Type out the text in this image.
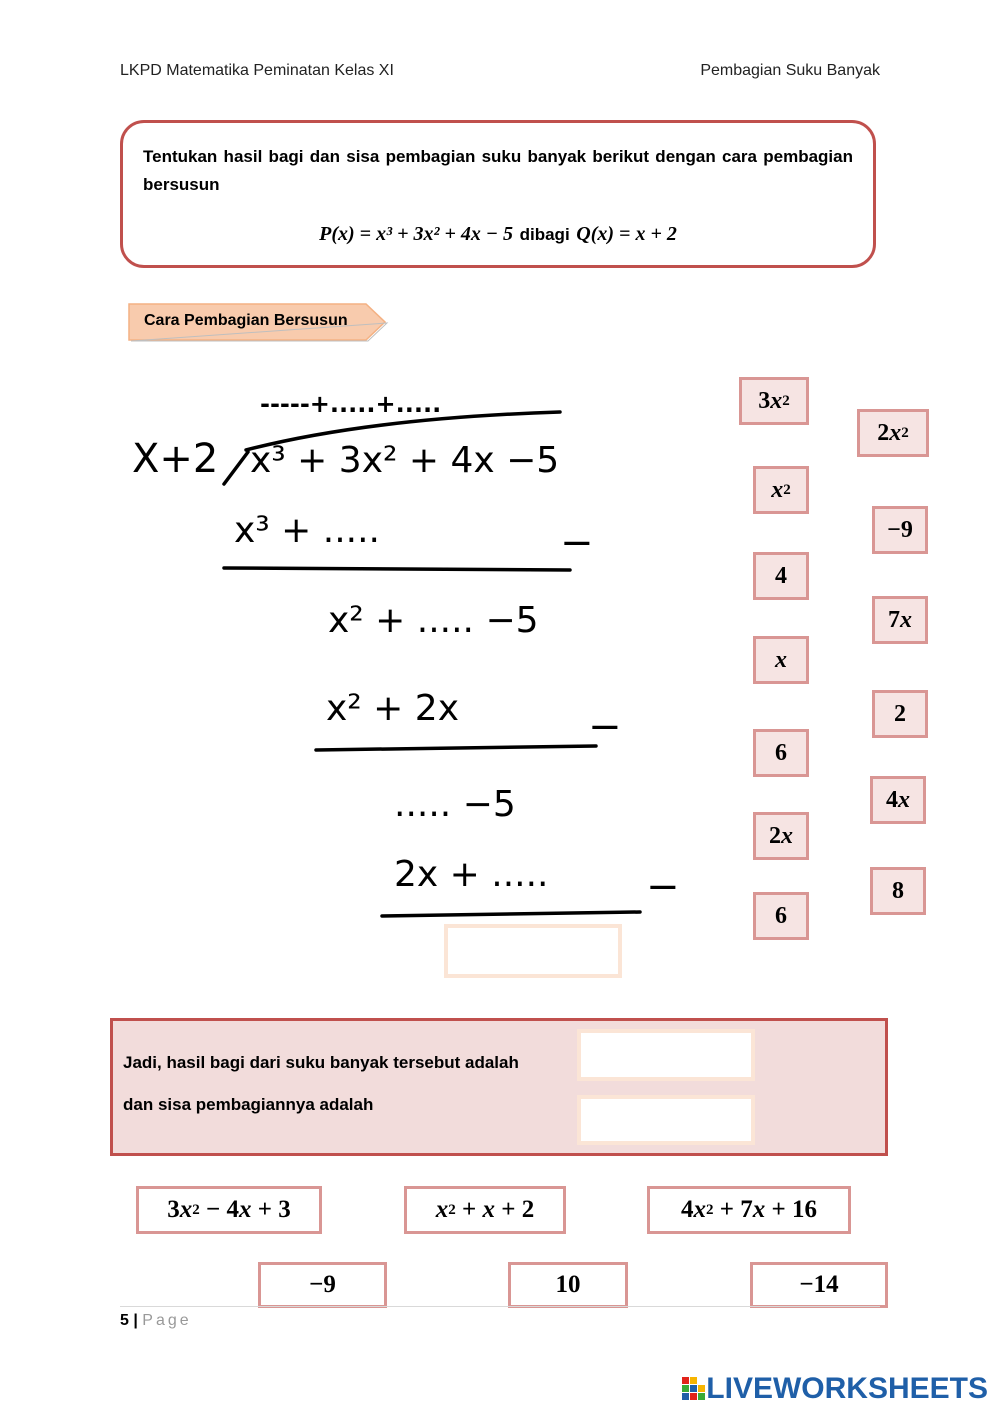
LKPD Matematika Peminatan Kelas XI	Pembagian Suku Banyak
Tentukan hasil bagi dan sisa pembagian suku banyak berikut dengan cara pembagian bersusun
P(x) = x³ + 3x² + 4x − 5 dibagi Q(x) = x + 2
Cara Pembagian Bersusun
-----+.....+.....
X+2 x³ + 3x² + 4x −5
x³ + .....	−
x² + ..... −5
x² + 2x	−
..... −5
2x + ..... −
3 x 2
x 2
4
x
6
2 x
6
2 x 2
−9
7 x
2
4 x
8
Jadi, hasil bagi dari suku banyak tersebut adalah
dan sisa pembagiannya adalah
3 x 2 − 4 x + 3	x 2 + x + 2	4 x 2 + 7 x + 16
−9	10	−14
5 | Page
LIVEWORKSHEETS
